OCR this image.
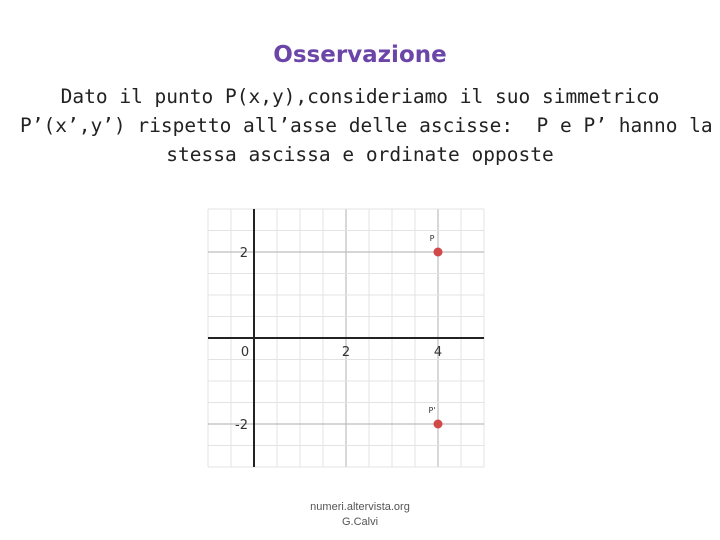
Osservazione
Dato il punto P(x,y),consideriamo il suo simmetrico
P’(x’,y’) rispetto all’asse delle ascisse:  P e P’ hanno la
stessa ascissa e ordinate opposte
0	2	4
2
-2
P
P'
numeri.altervista.org
G.Calvi
